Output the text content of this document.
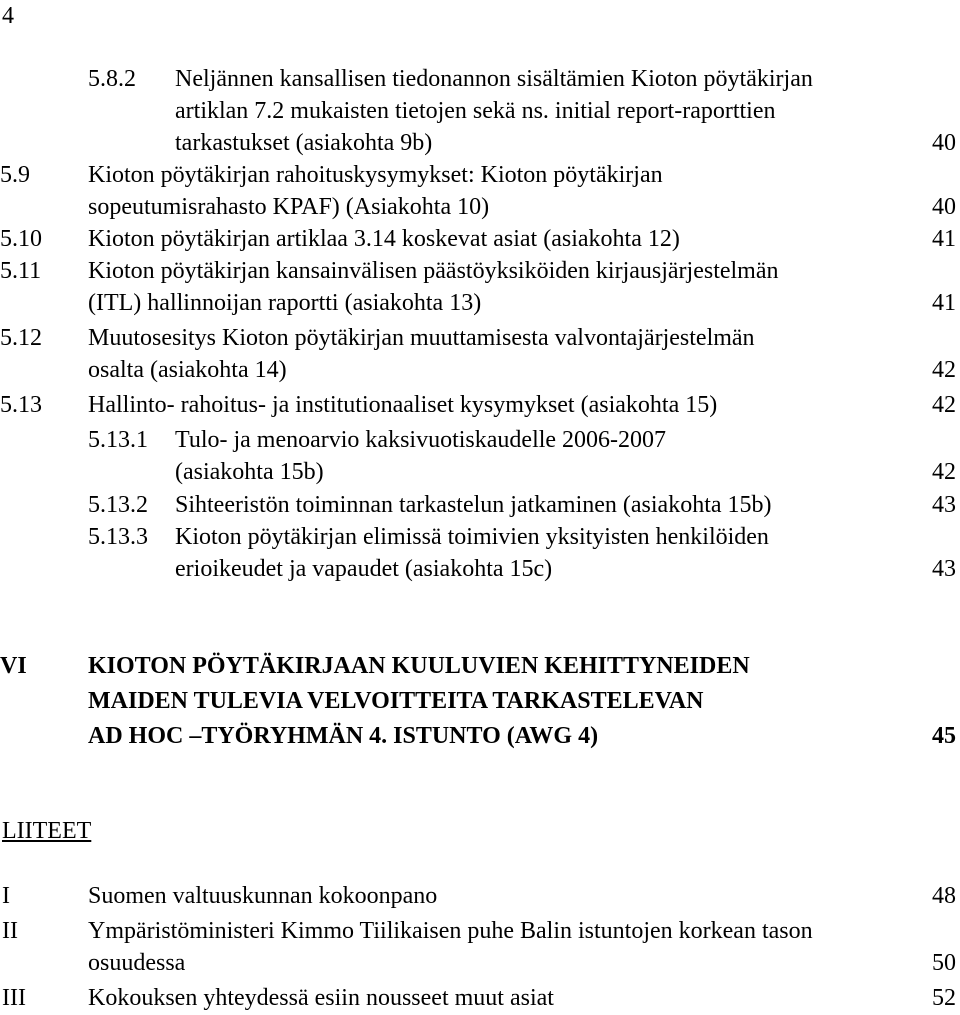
4
5.8.2 Neljännen kansallisen tiedonannon sisältämien Kioton pöytäkirjan
artiklan 7.2 mukaisten tietojen sekä ns. initial report-raporttien
tarkastukset (asiakohta 9b)	40
5.9 Kioton pöytäkirjan rahoituskysymykset: Kioton pöytäkirjan
sopeutumisrahasto KPAF) (Asiakohta 10)	40
5.10 Kioton pöytäkirjan artiklaa 3.14 koskevat asiat (asiakohta 12)	41
5.11 Kioton pöytäkirjan kansainvälisen päästöyksiköiden kirjausjärjestelmän
(ITL) hallinnoijan raportti (asiakohta 13)	41
5.12 Muutosesitys Kioton pöytäkirjan muuttamisesta valvontajärjestelmän
osalta (asiakohta 14)	42
5.13 Hallinto- rahoitus- ja institutionaaliset kysymykset (asiakohta 15)	42
5.13.1 Tulo- ja menoarvio kaksivuotiskaudelle 2006-2007
(asiakohta 15b)	42
5.13.2 Sihteeristön toiminnan tarkastelun jatkaminen (asiakohta 15b)	43
5.13.3 Kioton pöytäkirjan elimissä toimivien yksityisten henkilöiden
erioikeudet ja vapaudet (asiakohta 15c)	43
VI	KIOTON PÖYTÄKIRJAAN KUULUVIEN KEHITTYNEIDEN
MAIDEN TULEVIA VELVOITTEITA TARKASTELEVAN
AD HOC –TYÖRYHMÄN 4. ISTUNTO (AWG 4)	45
LIITEET
I	Suomen valtuuskunnan kokoonpano	48
II	Ympäristöministeri Kimmo Tiilikaisen puhe Balin istuntojen korkean tason
osuudessa	50
III	Kokouksen yhteydessä esiin nousseet muut asiat	52
